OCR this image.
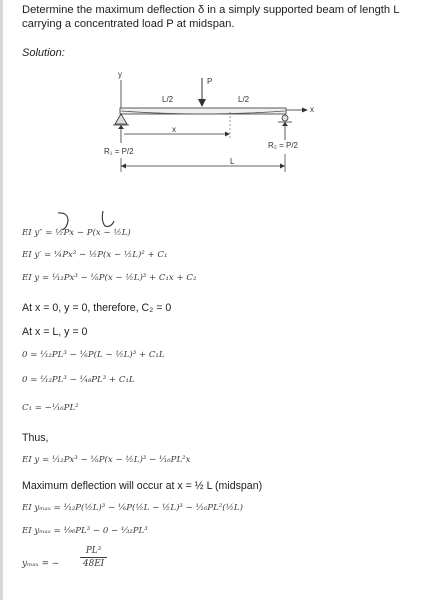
Determine the maximum deflection δ in a simply supported beam of length L carrying a concentrated load P at midspan.
Solution:
y
P
L/2	L/2
x
x
R₁ = P/2
R₂ = P/2
L
EI y″ = ½Px − P(x − ½L)
EI y′ = ¼Px² − ½P(x − ½L)² + C₁
EI y = ¹⁄₁₂Px³ − ⅙P(x − ½L)³ + C₁x + C₂
At x = 0, y = 0, therefore, C₂ = 0
At x = L, y = 0
0 = ¹⁄₁₂PL³ − ⅙P(L − ½L)³ + C₁L
0 = ¹⁄₁₂PL³ − ¹⁄₄₈PL³ + C₁L
C₁ = −¹⁄₁₆PL²
Thus,
EI y = ¹⁄₁₂Px³ − ⅙P(x − ½L)³ − ¹⁄₁₆PL²x
Maximum deflection will occur at x = ½ L (midspan)
EI yₘₐₓ = ¹⁄₁₂P(½L)³ − ⅙P(½L − ½L)³ − ¹⁄₁₆PL²(½L)
EI yₘₐₓ = ¹⁄₉₆PL³ − 0 − ¹⁄₃₂PL³
yₘₐₓ = −
PL³
48EI
